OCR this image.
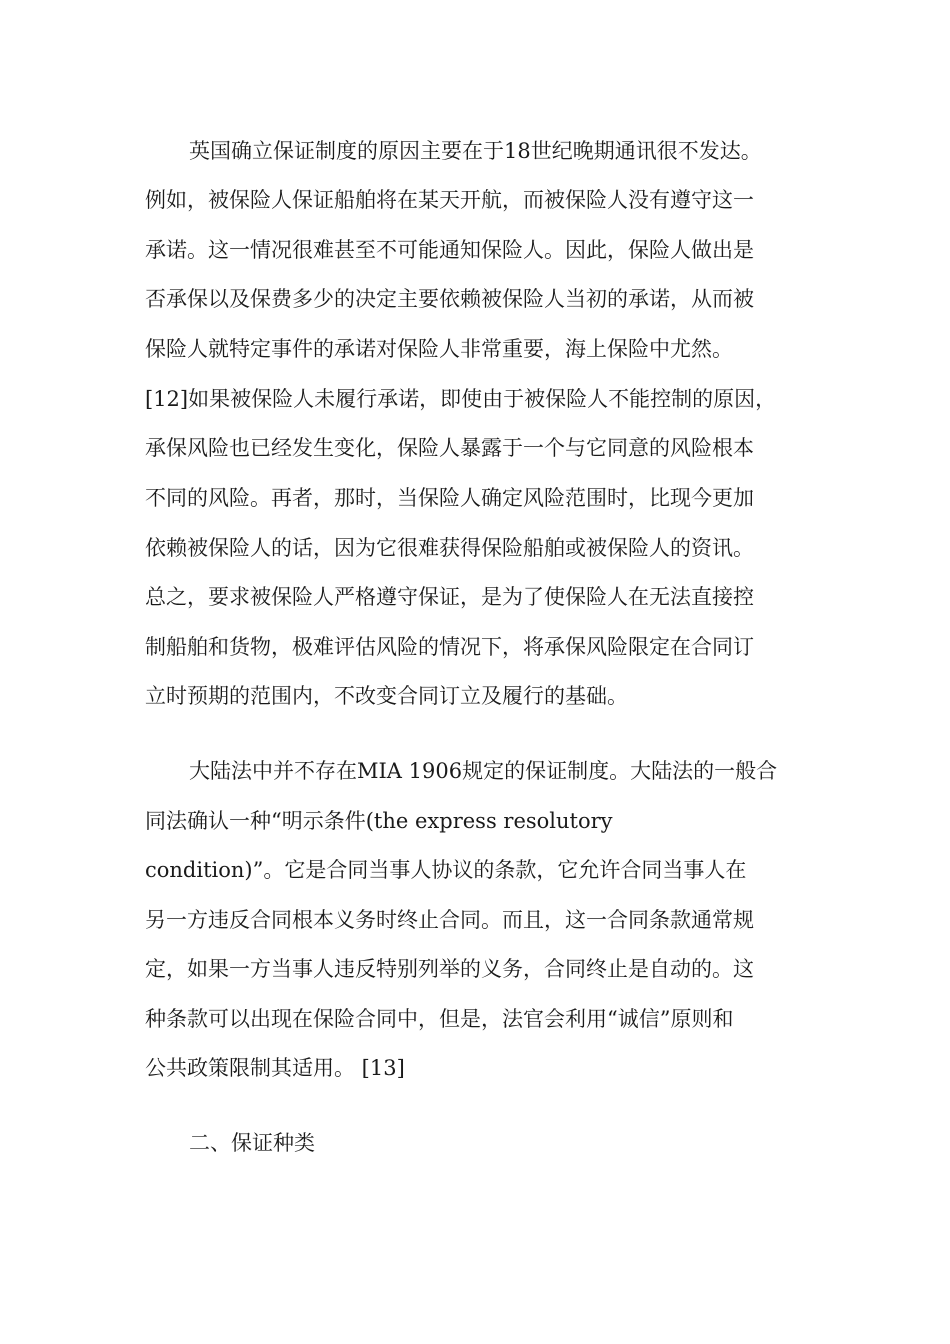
英国确立保证制度的原因主要在于18世纪晚期通讯很不发达。
例如，被保险人保证船舶将在某天开航，而被保险人没有遵守这一
承诺。这一情况很难甚至不可能通知保险人。因此，保险人做出是
否承保以及保费多少的决定主要依赖被保险人当初的承诺，从而被
保险人就特定事件的承诺对保险人非常重要，海上保险中尤然。
[12]如果被保险人未履行承诺，即使由于被保险人不能控制的原因，
承保风险也已经发生变化，保险人暴露于一个与它同意的风险根本
不同的风险。再者，那时，当保险人确定风险范围时，比现今更加
依赖被保险人的话，因为它很难获得保险船舶或被保险人的资讯。
总之，要求被保险人严格遵守保证，是为了使保险人在无法直接控
制船舶和货物，极难评估风险的情况下，将承保风险限定在合同订
立时预期的范围内，不改变合同订立及履行的基础。
大陆法中并不存在MIA 1906规定的保证制度。大陆法的一般合
同法确认一种“明示条件(the express resolutory
condition)”。它是合同当事人协议的条款，它允许合同当事人在
另一方违反合同根本义务时终止合同。而且，这一合同条款通常规
定，如果一方当事人违反特别列举的义务，合同终止是自动的。这
种条款可以出现在保险合同中，但是，法官会利用“诚信”原则和
公共政策限制其适用。 [13]
二、保证种类
